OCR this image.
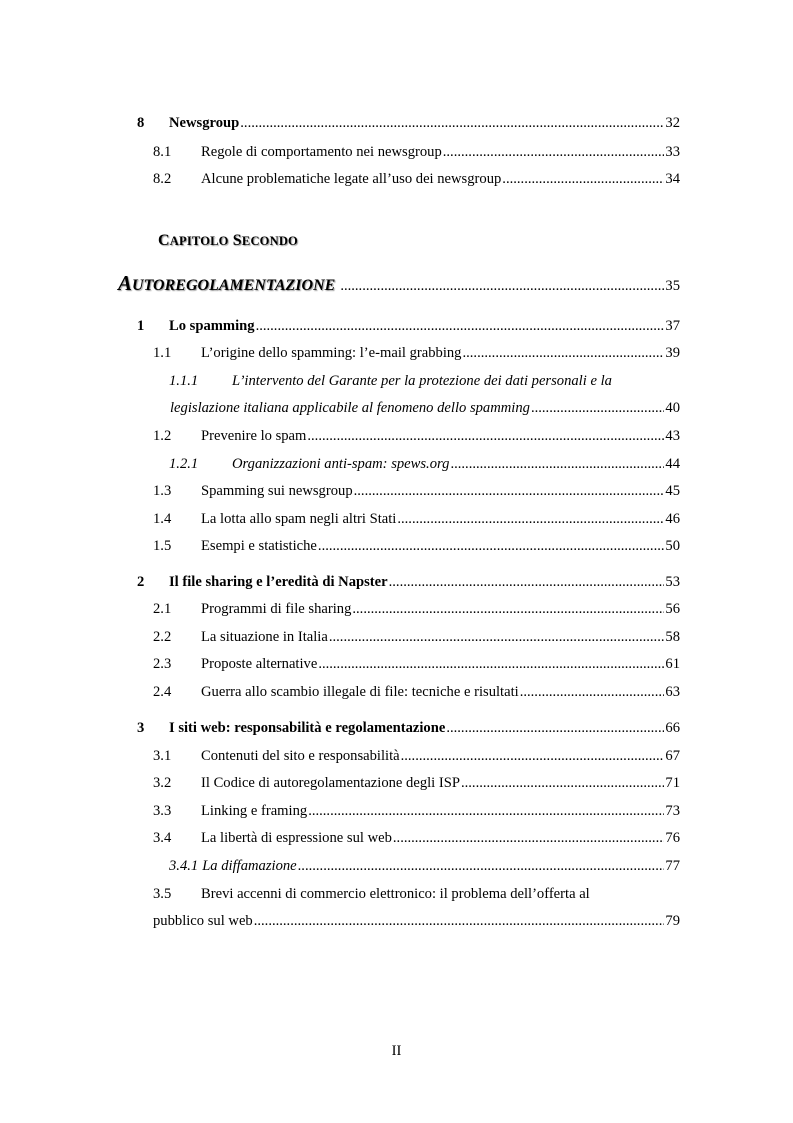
8	Newsgroup .....	32
8.1	Regole di comportamento nei newsgroup .....	33
8.2	Alcune problematiche legate all’uso dei newsgroup .....	34
CAPITOLO SECONDO
AUTOREGOLAMENTAZIONE .....	35
1	Lo spamming .....	37
1.1	L’origine dello spamming: l’e-mail grabbing .....	39
1.1.1	L’intervento del Garante per la protezione dei dati personali e la
legislazione italiana applicabile al fenomeno dello spamming .....	40
1.2	Prevenire lo spam .....	43
1.2.1	Organizzazioni anti-spam: spews.org .....	44
1.3	Spamming sui newsgroup .....	45
1.4	La lotta allo spam negli altri Stati .....	46
1.5	Esempi e statistiche .....	50
2	Il file sharing e l’eredità di Napster .....	53
2.1	Programmi di file sharing .....	56
2.2	La situazione in Italia .....	58
2.3	Proposte alternative .....	61
2.4	Guerra allo scambio illegale di file: tecniche e risultati .....	63
3	I siti web: responsabilità e regolamentazione .....	66
3.1	Contenuti del sito e responsabilità .....	67
3.2	Il Codice di autoregolamentazione degli ISP .....	71
3.3	Linking e framing .....	73
3.4	La libertà di espressione sul web .....	76
3.4.1 La diffamazione .....	77
3.5	Brevi accenni di commercio elettronico: il problema dell’offerta al
pubblico sul web .....	79
II
